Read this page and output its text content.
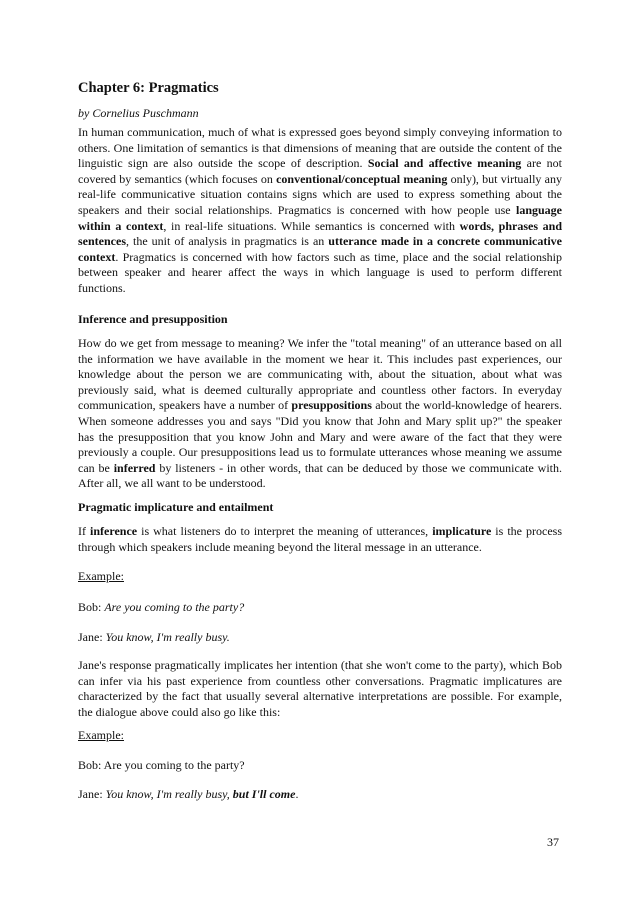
Chapter 6: Pragmatics
by Cornelius Puschmann

In human communication, much of what is expressed goes beyond simply conveying information to others. One limitation of semantics is that dimensions of meaning that are outside the content of the linguistic sign are also outside the scope of description. Social and affective meaning are not covered by semantics (which focuses on conventional/conceptual meaning only), but virtually any real-life communicative situation contains signs which are used to express something about the speakers and their social relationships. Pragmatics is concerned with how people use language within a context, in real-life situations. While semantics is concerned with words, phrases and sentences, the unit of analysis in pragmatics is an utterance made in a concrete communicative context. Pragmatics is concerned with how factors such as time, place and the social relationship between speaker and hearer affect the ways in which language is used to perform different functions.

Inference and presupposition

How do we get from message to meaning? We infer the "total meaning" of an utterance based on all the information we have available in the moment we hear it. This includes past experiences, our knowledge about the person we are communicating with, about the situation, about what was previously said, what is deemed culturally appropriate and countless other factors. In everyday communication, speakers have a number of presuppositions about the world-knowledge of hearers. When someone addresses you and says "Did you know that John and Mary split up?" the speaker has the presupposition that you know John and Mary and were aware of the fact that they were previously a couple. Our presuppositions lead us to formulate utterances whose meaning we assume can be inferred by listeners - in other words, that can be deduced by those we communicate with. After all, we all want to be understood.

Pragmatic implicature and entailment

If inference is what listeners do to interpret the meaning of utterances, implicature is the process through which speakers include meaning beyond the literal message in an utterance.

Example:
Bob: Are you coming to the party?
Jane: You know, I'm really busy.

Jane's response pragmatically implicates her intention (that she won't come to the party), which Bob can infer via his past experience from countless other conversations. Pragmatic implicatures are characterized by the fact that usually several alternative interpretations are possible. For example, the dialogue above could also go like this:

Example:
Bob: Are you coming to the party?
Jane: You know, I'm really busy, but I'll come.
37
